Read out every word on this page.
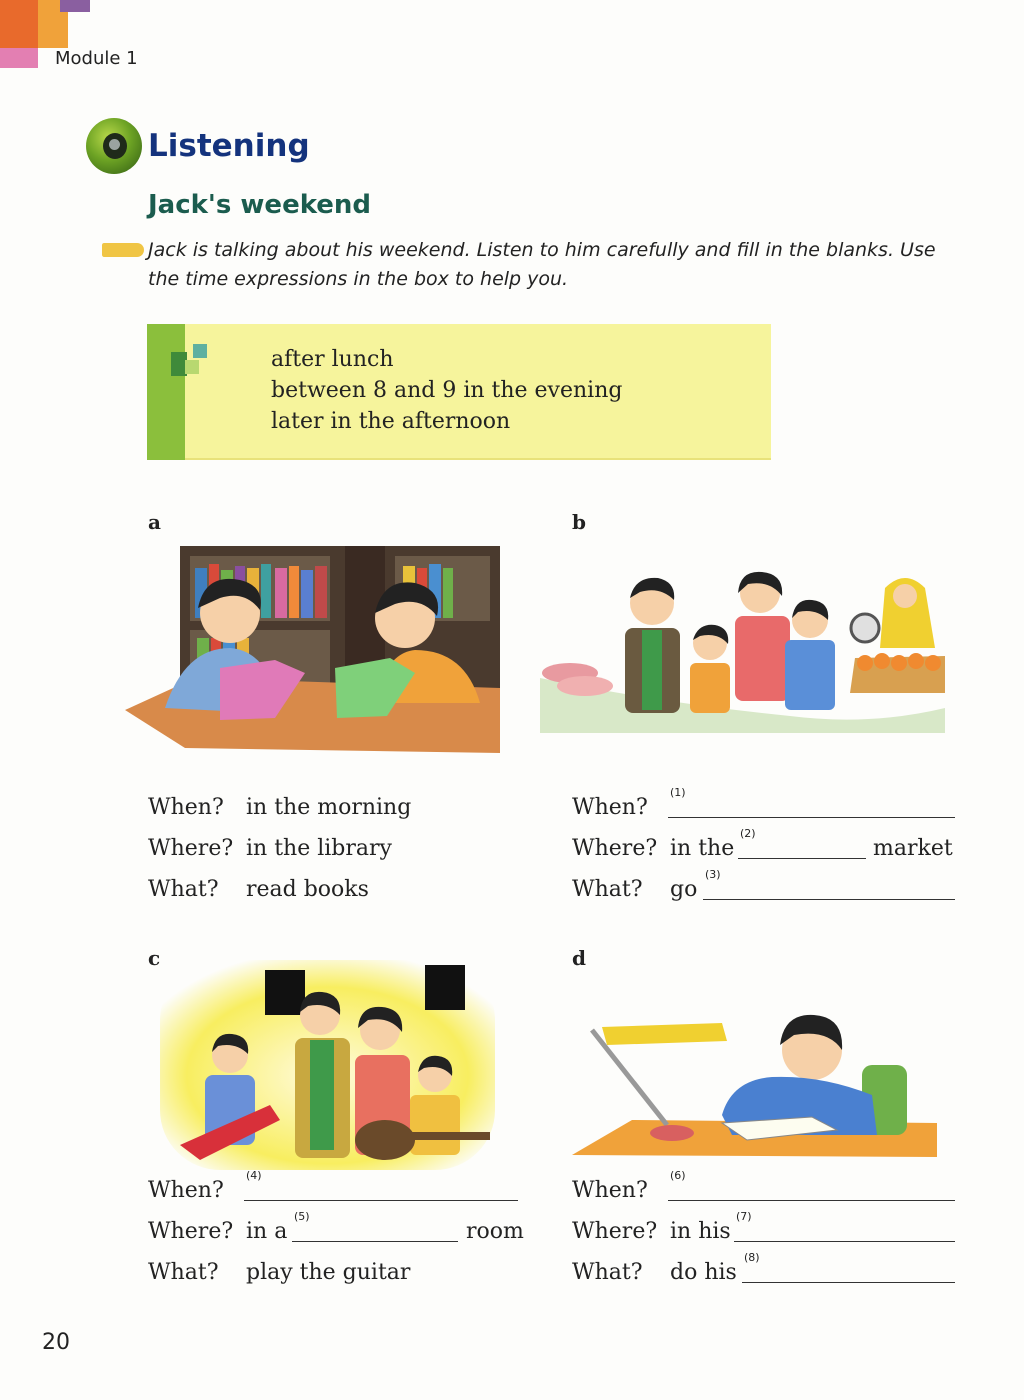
Module 1
Listening
Jack's weekend
Jack is talking about his weekend. Listen to him carefully and fill in the blanks. Use the time expressions in the box to help you.
after lunch
between 8 and 9 in the evening
later in the afternoon
a
When? in the morning
Where? in the library
What? read books
b
When?
(1)
Where? in the
(2)
market
What? go
(3)
c
When?
(4)
Where? in a
(5)
room
What? play the guitar
d
When?
(6)
Where? in his
(7)
What? do his
(8)
20
